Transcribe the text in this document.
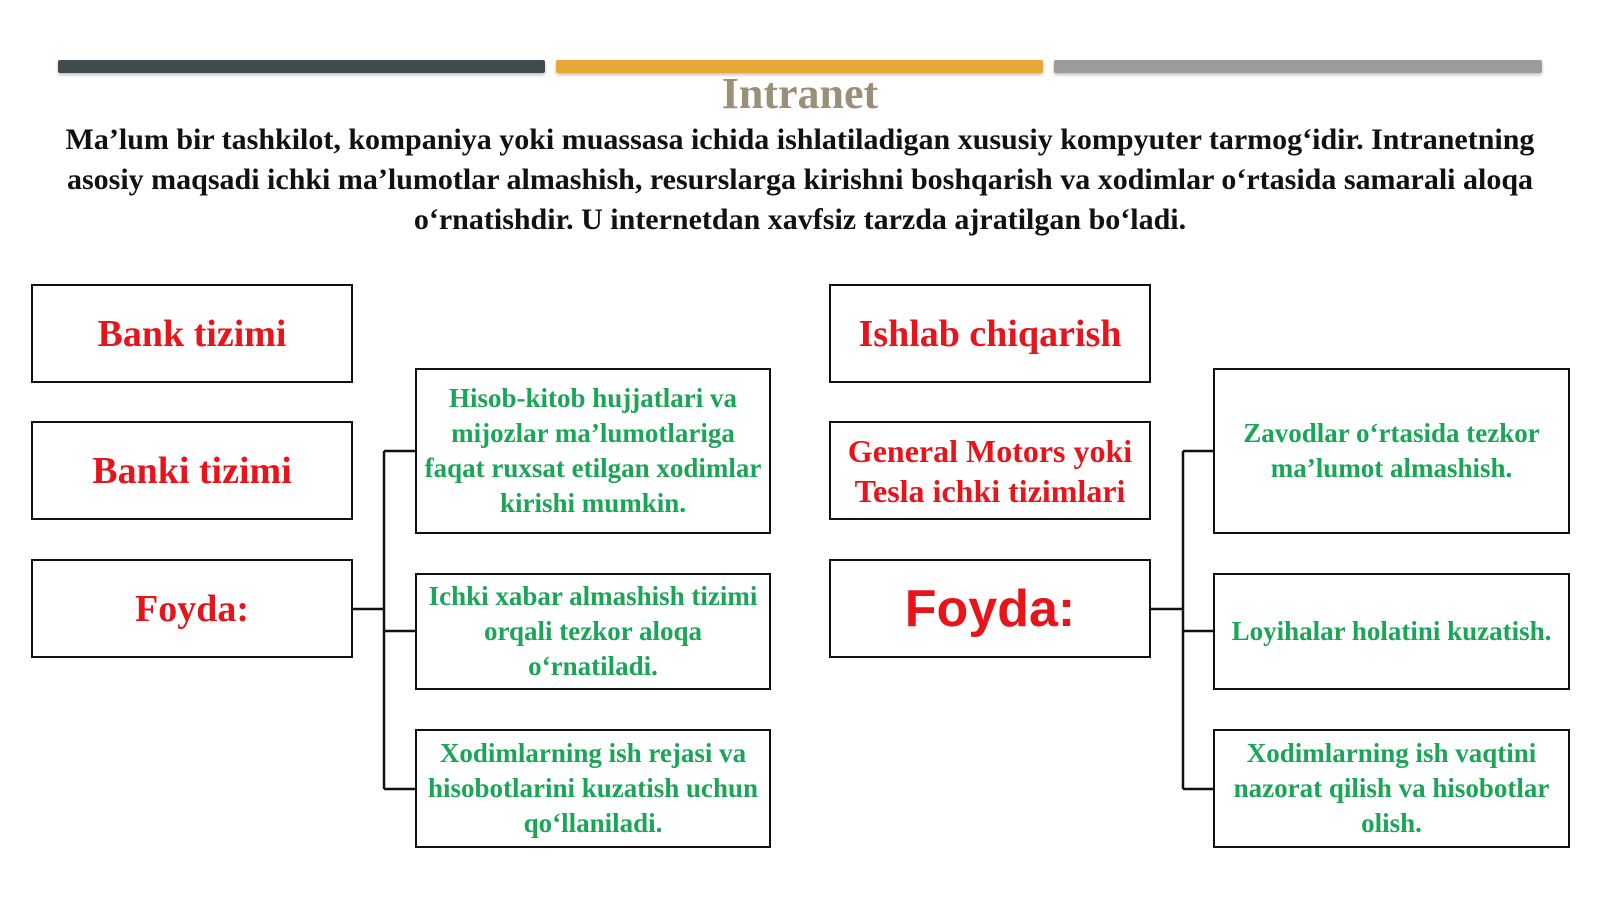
Intranet
Ma’lum bir tashkilot, kompaniya yoki muassasa ichida ishlatiladigan xususiy kompyuter tarmog‘idir. Intranetning asosiy maqsadi ichki ma’lumotlar almashish, resurslarga kirishni boshqarish va xodimlar o‘rtasida samarali aloqa o‘rnatishdir. U internetdan xavfsiz tarzda ajratilgan bo‘ladi.
Bank tizimi
Banki tizimi
Foyda:
Hisob-kitob hujjatlari va mijozlar ma’lumotlariga faqat ruxsat etilgan xodimlar kirishi mumkin.
Ichki xabar almashish tizimi orqali tezkor aloqa o‘rnatiladi.
Xodimlarning ish rejasi va hisobotlarini kuzatish uchun qo‘llaniladi.
Ishlab chiqarish
General Motors yoki Tesla ichki tizimlari
Foyda:
Zavodlar o‘rtasida tezkor ma’lumot almashish.
Loyihalar holatini kuzatish.
Xodimlarning ish vaqtini nazorat qilish va hisobotlar olish.
